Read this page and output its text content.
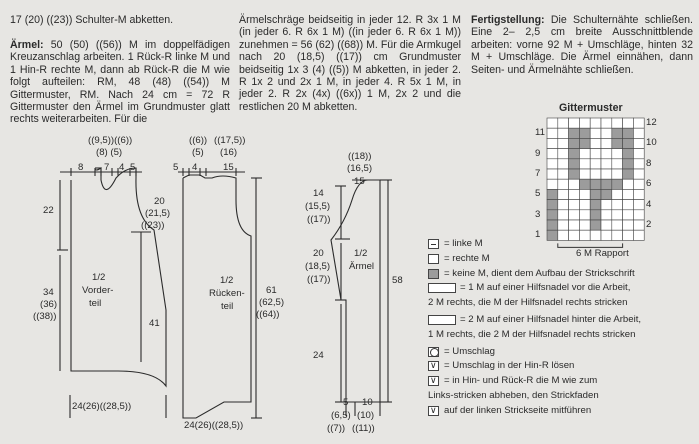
17 (20) ((23)) Schulter-M abketten.

Ärmel: 50 (50) ((56)) M im doppelfädigen Kreuzanschlag arbeiten. 1 Rück-R linke M und 1 Hin-R rechte M, dann ab Rück-R die M wie folgt aufteilen: RM, 48 (48) ((54)) M Gittermuster, RM. Nach 24 cm = 72 R Gittermuster den Ärmel im Grundmuster glatt rechts weiterarbeiten. Für die

Ärmelschräge beidseitig in jeder 12. R 3x 1 M (in jeder 6. R 6x 1 M) ((in jeder 6. R 6x 1 M)) zunehmen = 56 (62) ((68)) M. Für die Armkugel nach 20 (18,5) ((17)) cm Grundmuster beidseitig 1x 3 (4) ((5)) M abketten, in jeder 2. R 1x 2 und 2x 1 M, in jeder 4. R 5x 1 M, in jeder 2. R 2x (4x) ((6x)) 1 M, 2x 2 und die restlichen 20 M abketten.

Fertigstellung: Die Schulternähte schließen. Eine 2– 2,5 cm breite Ausschnittblende arbeiten: vorne 92 M + Umschläge, hinten 32 M + Umschläge. Die Ärmel einnähen, dann Seiten- und Ärmelnähte schließen.

((9,5))((6))
(8) (5)
8 7 4 5
22
34
(36)
((38))
1/2
Vorder-
teil
20
(21,5)
((23))
41
24(26)((28,5))
((6))
(5)
((17,5))
(16)
5 4	15
1/2
Rücken-
teil
61
(62,5)
((64))
24(26)((28,5))
((18))
(16,5)
15
14
(15,5)
((17))
20
(18,5)
((17))
24
1/2
Ärmel
58
5 10
(6,5) (10)
((7)) ((11))
Gittermuster
11
9
7
5
3
1
12
10
8
6
4
2
6 M Rapport
= linke M
= rechte M
= keine M, dient dem Aufbau der Strickschrift
= 1 M auf einer Hilfsnadel vor die Arbeit,
2 M rechts, die M der Hilfsnadel rechts stricken
= 2 M auf einer Hilfsnadel hinter die Arbeit,
1 M rechts, die 2 M der Hilfsnadel rechts stricken
= Umschlag
∨ = Umschlag in der Hin-R lösen
∨ = in Hin- und Rück-R die M wie zum
Links-stricken abheben, den Strickfaden
∨ auf der linken Strickseite mitführen
